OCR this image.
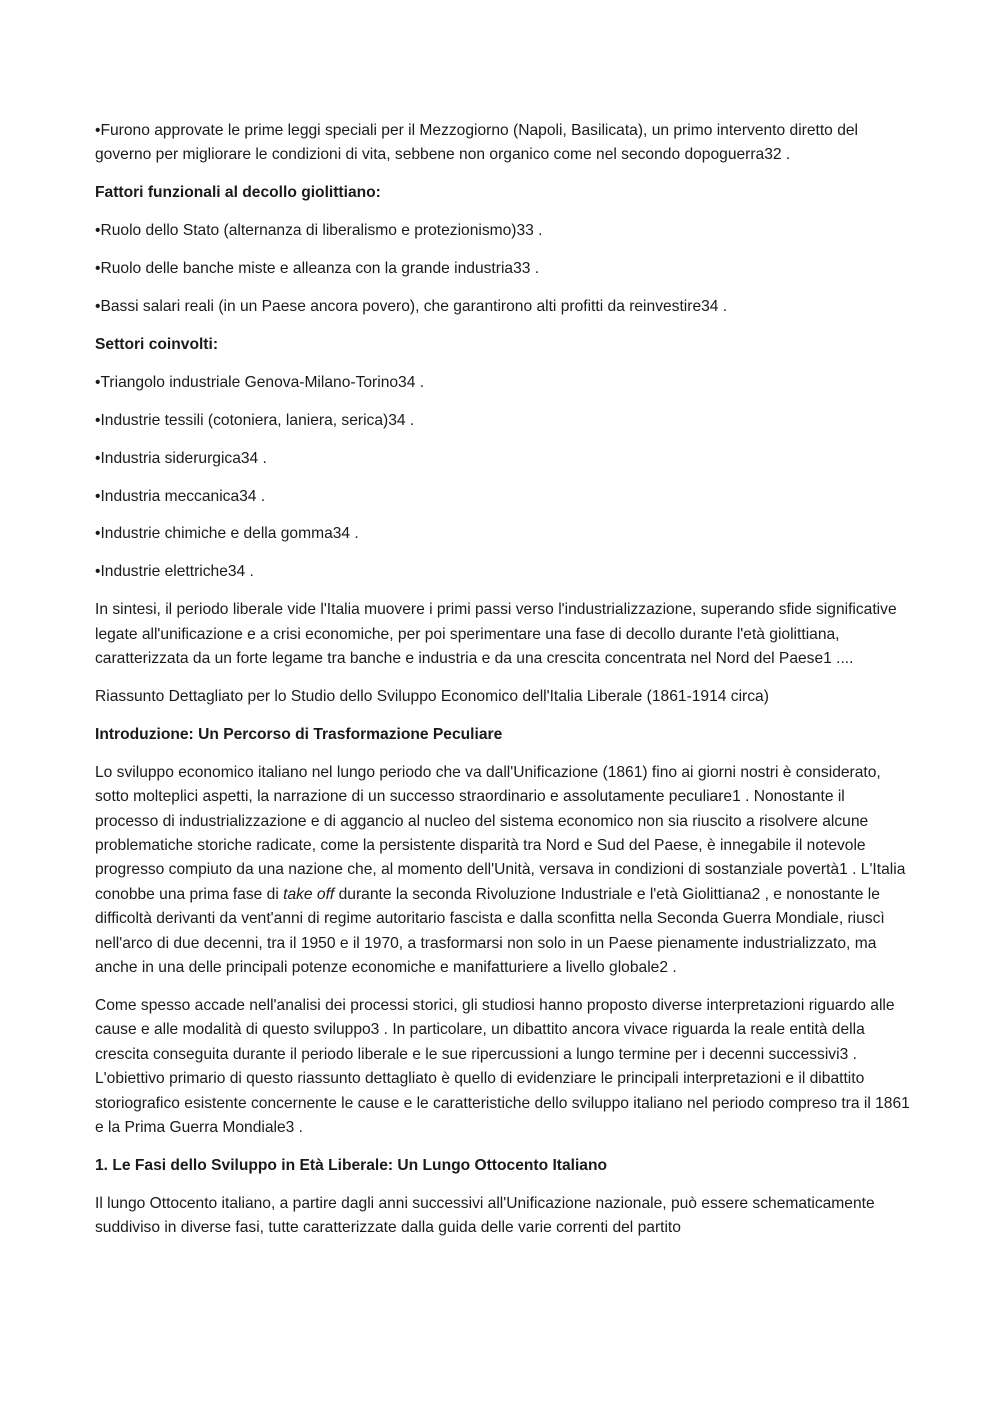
•Furono approvate le prime leggi speciali per il Mezzogiorno (Napoli, Basilicata), un primo intervento diretto del governo per migliorare le condizioni di vita, sebbene non organico come nel secondo dopoguerra32 .

Fattori funzionali al decollo giolittiano:

•Ruolo dello Stato (alternanza di liberalismo e protezionismo)33 .

•Ruolo delle banche miste e alleanza con la grande industria33 .

•Bassi salari reali (in un Paese ancora povero), che garantirono alti profitti da reinvestire34 .

Settori coinvolti:

•Triangolo industriale Genova-Milano-Torino34 .

•Industrie tessili (cotoniera, laniera, serica)34 .

•Industria siderurgica34 .

•Industria meccanica34 .

•Industrie chimiche e della gomma34 .

•Industrie elettriche34 .

In sintesi, il periodo liberale vide l'Italia muovere i primi passi verso l'industrializzazione, superando sfide significative legate all'unificazione e a crisi economiche, per poi sperimentare una fase di decollo durante l'età giolittiana, caratterizzata da un forte legame tra banche e industria e da una crescita concentrata nel Nord del Paese1 ....

Riassunto Dettagliato per lo Studio dello Sviluppo Economico dell'Italia Liberale (1861-1914 circa)

Introduzione: Un Percorso di Trasformazione Peculiare

Lo sviluppo economico italiano nel lungo periodo che va dall'Unificazione (1861) fino ai giorni nostri è considerato, sotto molteplici aspetti, la narrazione di un successo straordinario e assolutamente peculiare1 . Nonostante il processo di industrializzazione e di aggancio al nucleo del sistema economico non sia riuscito a risolvere alcune problematiche storiche radicate, come la persistente disparità tra Nord e Sud del Paese, è innegabile il notevole progresso compiuto da una nazione che, al momento dell'Unità, versava in condizioni di sostanziale povertà1 . L'Italia conobbe una prima fase di take off durante la seconda Rivoluzione Industriale e l'età Giolittiana2 , e nonostante le difficoltà derivanti da vent'anni di regime autoritario fascista e dalla sconfitta nella Seconda Guerra Mondiale, riuscì nell'arco di due decenni, tra il 1950 e il 1970, a trasformarsi non solo in un Paese pienamente industrializzato, ma anche in una delle principali potenze economiche e manifatturiere a livello globale2 .

Come spesso accade nell'analisi dei processi storici, gli studiosi hanno proposto diverse interpretazioni riguardo alle cause e alle modalità di questo sviluppo3 . In particolare, un dibattito ancora vivace riguarda la reale entità della crescita conseguita durante il periodo liberale e le sue ripercussioni a lungo termine per i decenni successivi3 . L'obiettivo primario di questo riassunto dettagliato è quello di evidenziare le principali interpretazioni e il dibattito storiografico esistente concernente le cause e le caratteristiche dello sviluppo italiano nel periodo compreso tra il 1861 e la Prima Guerra Mondiale3 .

1. Le Fasi dello Sviluppo in Età Liberale: Un Lungo Ottocento Italiano

Il lungo Ottocento italiano, a partire dagli anni successivi all'Unificazione nazionale, può essere schematicamente suddiviso in diverse fasi, tutte caratterizzate dalla guida delle varie correnti del partito
